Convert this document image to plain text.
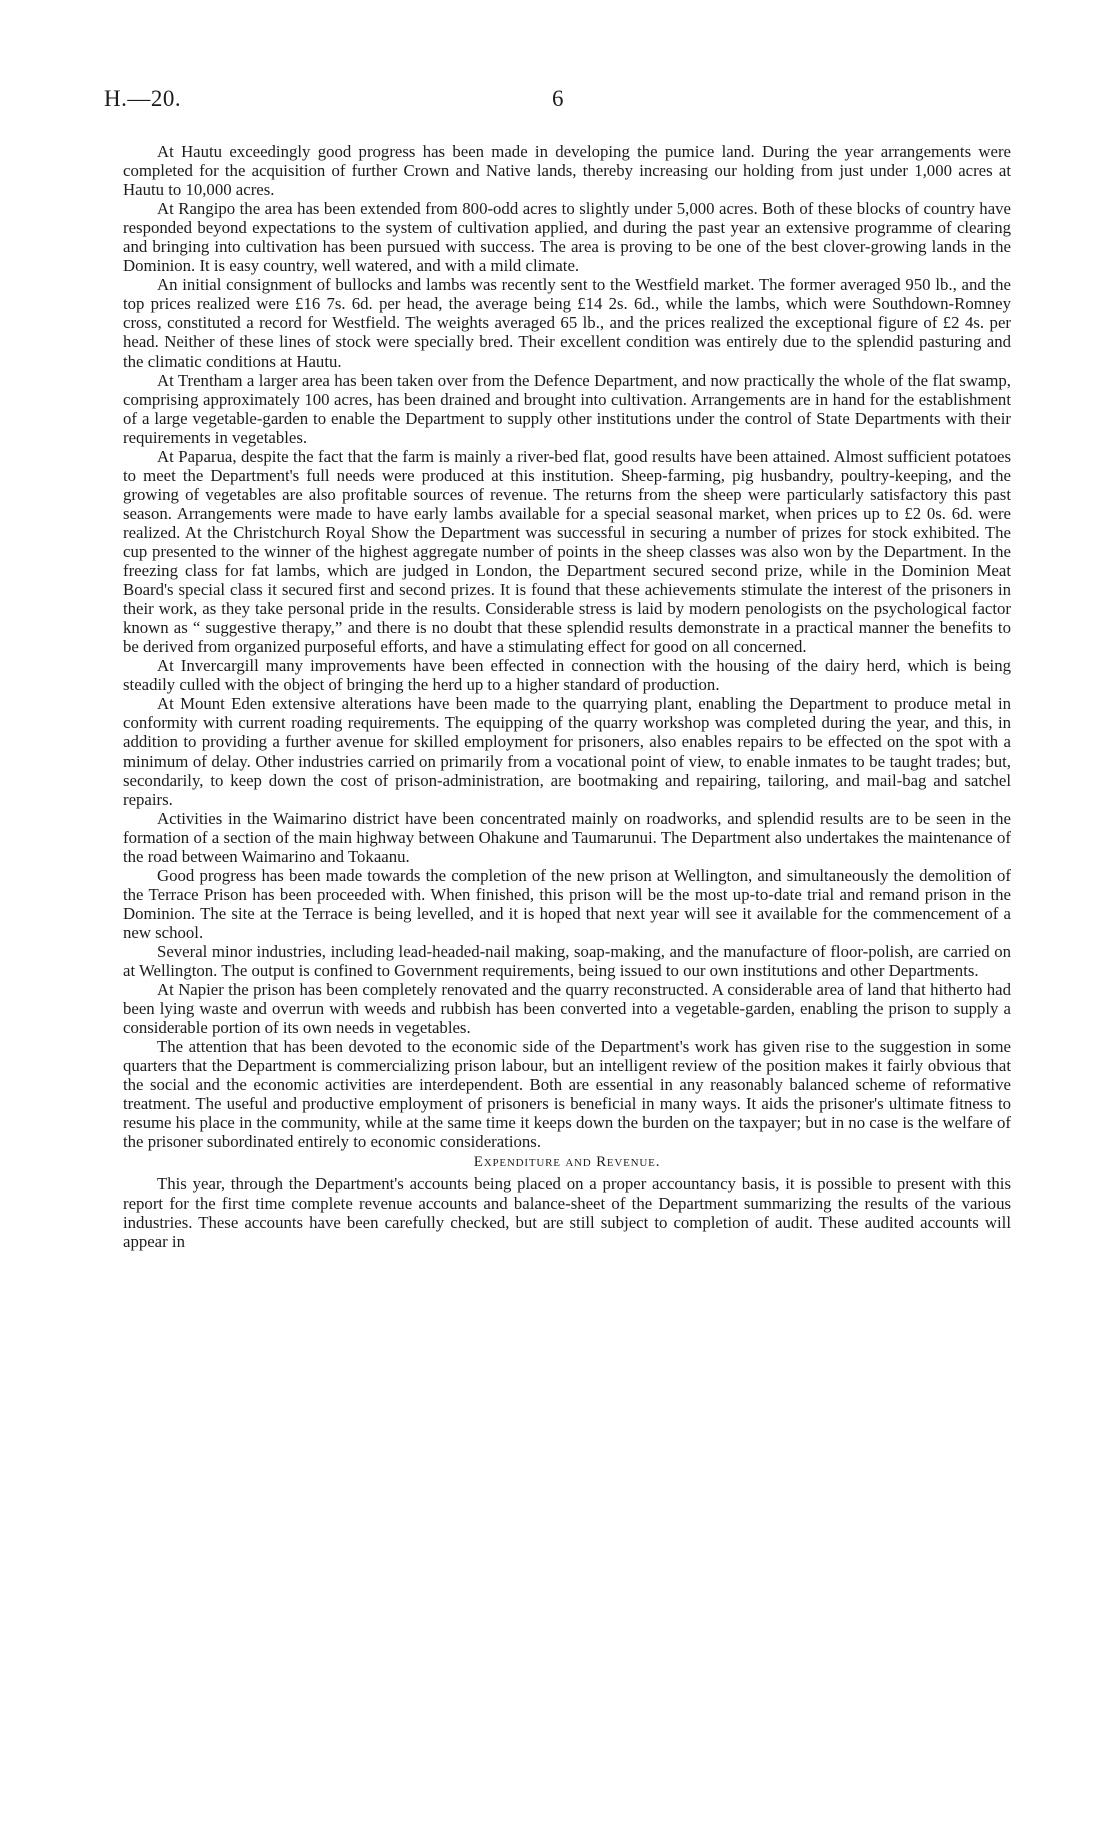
H.—20.	6

At Hautu exceedingly good progress has been made in developing the pumice land. During the year arrangements were completed for the acquisition of further Crown and Native lands, thereby increasing our holding from just under 1,000 acres at Hautu to 10,000 acres.

At Rangipo the area has been extended from 800-odd acres to slightly under 5,000 acres. Both of these blocks of country have responded beyond expectations to the system of cultivation applied, and during the past year an extensive programme of clearing and bringing into cultivation has been pursued with success. The area is proving to be one of the best clover-growing lands in the Dominion. It is easy country, well watered, and with a mild climate.

An initial consignment of bullocks and lambs was recently sent to the Westfield market. The former averaged 950 lb., and the top prices realized were £16 7s. 6d. per head, the average being £14 2s. 6d., while the lambs, which were Southdown-Romney cross, constituted a record for Westfield. The weights averaged 65 lb., and the prices realized the exceptional figure of £2 4s. per head. Neither of these lines of stock were specially bred. Their excellent condition was entirely due to the splendid pasturing and the climatic conditions at Hautu.

At Trentham a larger area has been taken over from the Defence Department, and now practically the whole of the flat swamp, comprising approximately 100 acres, has been drained and brought into cultivation. Arrangements are in hand for the establishment of a large vegetable-garden to enable the Department to supply other institutions under the control of State Departments with their requirements in vegetables.

At Paparua, despite the fact that the farm is mainly a river-bed flat, good results have been attained. Almost sufficient potatoes to meet the Department's full needs were produced at this institution. Sheep-farming, pig husbandry, poultry-keeping, and the growing of vegetables are also profitable sources of revenue. The returns from the sheep were particularly satisfactory this past season. Arrangements were made to have early lambs available for a special seasonal market, when prices up to £2 0s. 6d. were realized. At the Christchurch Royal Show the Department was successful in securing a number of prizes for stock exhibited. The cup presented to the winner of the highest aggregate number of points in the sheep classes was also won by the Department. In the freezing class for fat lambs, which are judged in London, the Department secured second prize, while in the Dominion Meat Board's special class it secured first and second prizes. It is found that these achievements stimulate the interest of the prisoners in their work, as they take personal pride in the results. Considerable stress is laid by modern penologists on the psychological factor known as “ suggestive therapy,” and there is no doubt that these splendid results demonstrate in a practical manner the benefits to be derived from organized purposeful efforts, and have a stimulating effect for good on all concerned.

At Invercargill many improvements have been effected in connection with the housing of the dairy herd, which is being steadily culled with the object of bringing the herd up to a higher standard of production.

At Mount Eden extensive alterations have been made to the quarrying plant, enabling the Department to produce metal in conformity with current roading requirements. The equipping of the quarry workshop was completed during the year, and this, in addition to providing a further avenue for skilled employment for prisoners, also enables repairs to be effected on the spot with a minimum of delay. Other industries carried on primarily from a vocational point of view, to enable inmates to be taught trades; but, secondarily, to keep down the cost of prison-administration, are bootmaking and repairing, tailoring, and mail-bag and satchel repairs.

Activities in the Waimarino district have been concentrated mainly on roadworks, and splendid results are to be seen in the formation of a section of the main highway between Ohakune and Taumarunui. The Department also undertakes the maintenance of the road between Waimarino and Tokaanu.

Good progress has been made towards the completion of the new prison at Wellington, and simultaneously the demolition of the Terrace Prison has been proceeded with. When finished, this prison will be the most up-to-date trial and remand prison in the Dominion. The site at the Terrace is being levelled, and it is hoped that next year will see it available for the commencement of a new school.

Several minor industries, including lead-headed-nail making, soap-making, and the manufacture of floor-polish, are carried on at Wellington. The output is confined to Government requirements, being issued to our own institutions and other Departments.

At Napier the prison has been completely renovated and the quarry reconstructed. A considerable area of land that hitherto had been lying waste and overrun with weeds and rubbish has been converted into a vegetable-garden, enabling the prison to supply a considerable portion of its own needs in vegetables.

The attention that has been devoted to the economic side of the Department's work has given rise to the suggestion in some quarters that the Department is commercializing prison labour, but an intelligent review of the position makes it fairly obvious that the social and the economic activities are interdependent. Both are essential in any reasonably balanced scheme of reformative treatment. The useful and productive employment of prisoners is beneficial in many ways. It aids the prisoner's ultimate fitness to resume his place in the community, while at the same time it keeps down the burden on the taxpayer; but in no case is the welfare of the prisoner subordinated entirely to economic considerations.

Expenditure and Revenue.

This year, through the Department's accounts being placed on a proper accountancy basis, it is possible to present with this report for the first time complete revenue accounts and balance-sheet of the Department summarizing the results of the various industries. These accounts have been carefully checked, but are still subject to completion of audit. These audited accounts will appear in
